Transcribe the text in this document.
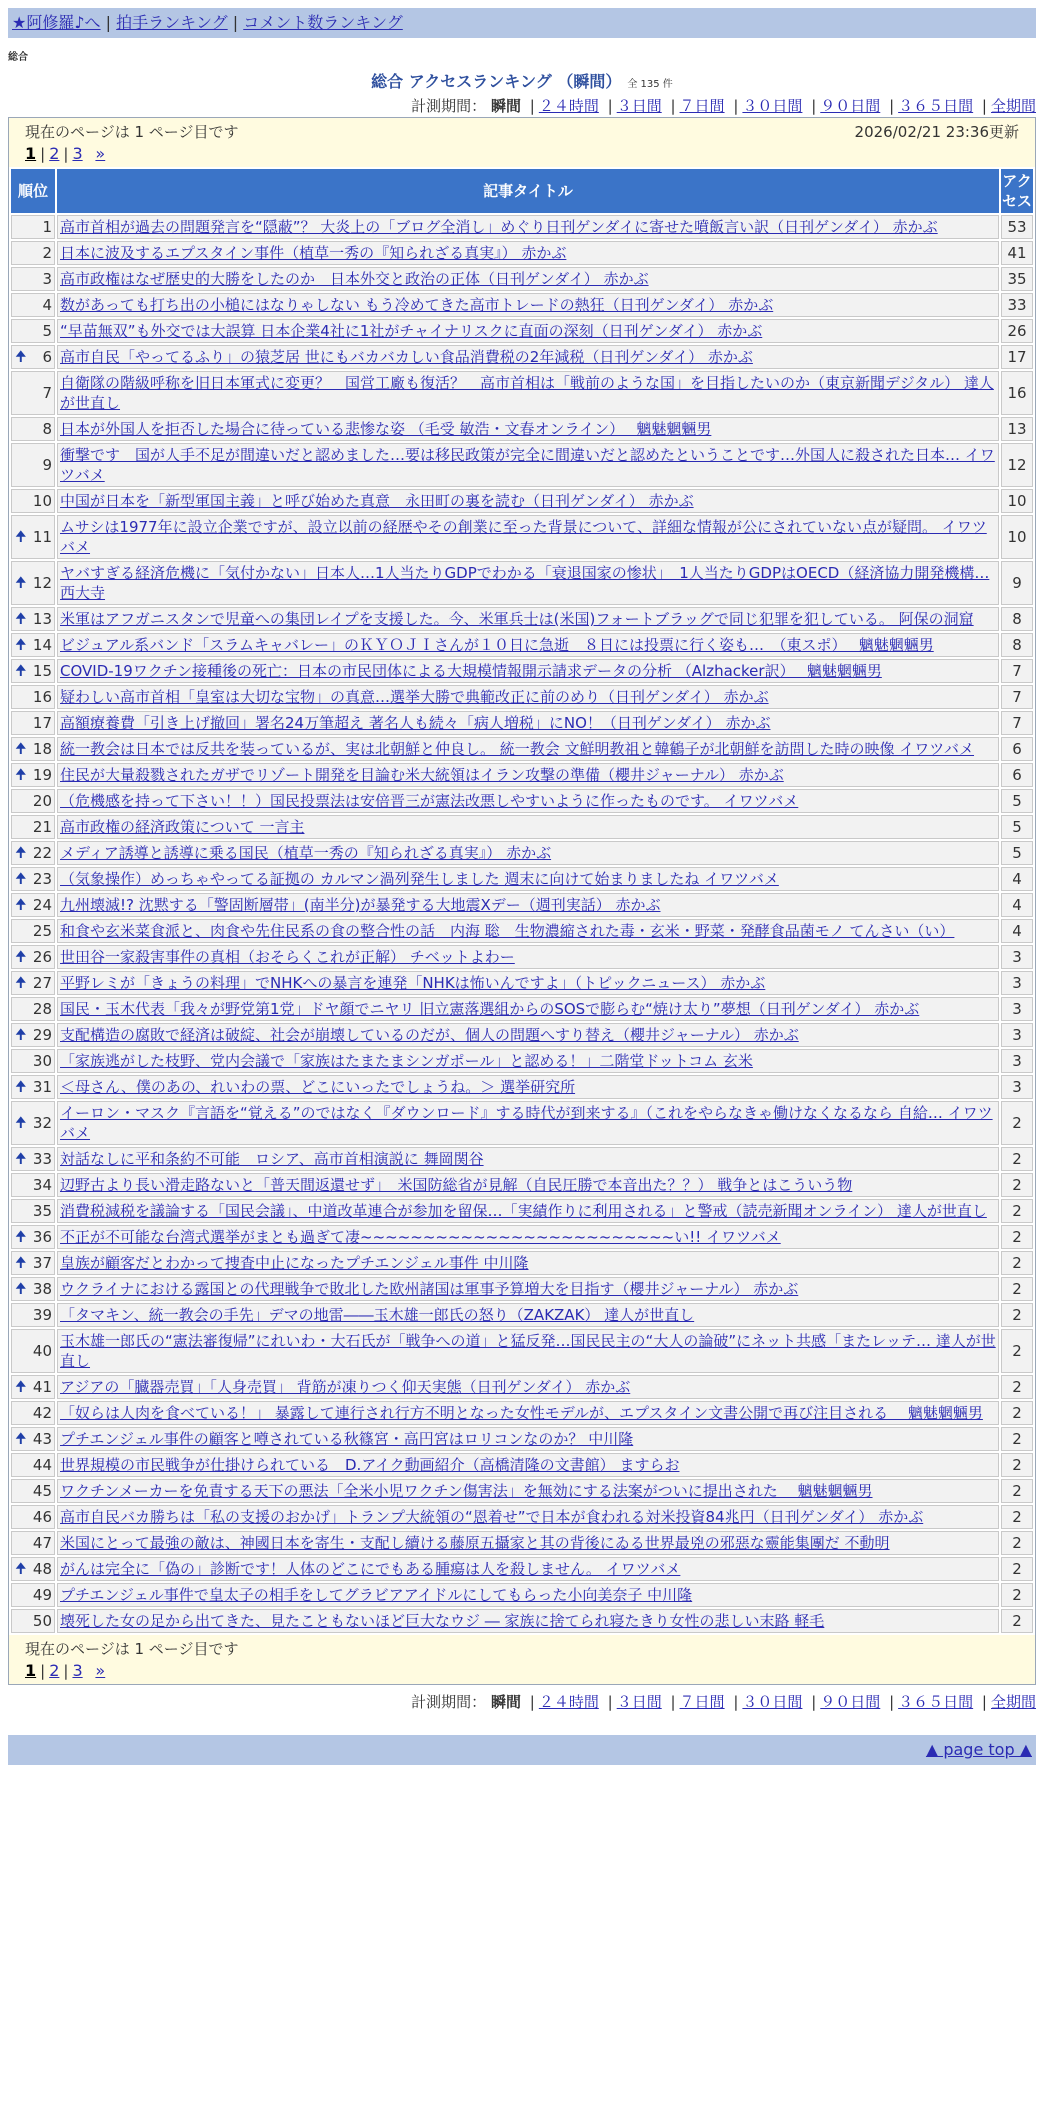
★阿修羅♪へ | 拍手ランキング | コメント数ランキング
総合
総合 アクセスランキング （瞬間） 全 135 件
計測期間： 瞬間 | ２４時間 | ３日間 | ７日間 | ３０日間 | ９０日間 | ３６５日間 | 全期間
現在のページは 1 ページ目です	2026/02/21 23:36更新
1 | 2 | 3 »
順位	記事タイトル	アクセス
1	高市首相が過去の問題発言を“隠蔽”？ 大炎上の「ブログ全消し」めぐり日刊ゲンダイに寄せた噴飯言い訳（日刊ゲンダイ） 赤かぶ	53
2	日本に波及するエプスタイン事件（植草一秀の『知られざる真実』） 赤かぶ	41
3	高市政権はなぜ歴史的大勝をしたのか　日本外交と政治の正体（日刊ゲンダイ） 赤かぶ	35
4	数があっても打ち出の小槌にはなりゃしない もう冷めてきた高市トレードの熱狂（日刊ゲンダイ） 赤かぶ	33
5	“早苗無双”も外交では大誤算 日本企業4社に1社がチャイナリスクに直面の深刻（日刊ゲンダイ） 赤かぶ	26

🠉 6	高市自民「やってるふり」の猿芝居 世にもバカバカしい食品消費税の2年減税（日刊ゲンダイ） 赤かぶ	17
7	自衛隊の階級呼称を旧日本軍式に変更？　国営工廠も復活？　高市首相は「戦前のような国」を目指したいのか（東京新聞デジタル） 達人が世直し	16
8	日本が外国人を拒否した場合に待っている悲惨な姿 （毛受 敏浩・文春オンライン）　 魑魅魍魎男	13
9	衝撃です　国が人手不足が間違いだと認めました…要は移民政策が完全に間違いだと認めたということです…外国人に殺された日本… イワツバメ	12
10	中国が日本を「新型軍国主義」と呼び始めた真意　永田町の裏を読む（日刊ゲンダイ） 赤かぶ	10

🠉 11	ムサシは1977年に設立企業ですが、設立以前の経歴やその創業に至った背景について、詳細な情報が公にされていない点が疑問。 イワツバメ	10

🠉 12	ヤバすぎる経済危機に「気付かない」日本人…1人当たりGDPでわかる「衰退国家の惨状」　1人当たりGDPはOECD（経済協力開発機構… 西大寺	9

🠉 13	米軍はアフガニスタンで児童への集団レイプを支援した。今、米軍兵士は(米国)フォートブラッグで同じ犯罪を犯している。 阿保の洞窟	8

🠉 14	ビジュアル系バンド「スラムキャバレー」のＫＹＯＪＩさんが１０日に急逝　８日には投票に行く姿も…　（東スポ）　 魑魅魍魎男	8

🠉 15	COVID-19ワクチン接種後の死亡：日本の市民団体による大規模情報開示請求データの分析 （Alzhacker訳）　 魑魅魍魎男	7
16	疑わしい高市首相「皇室は大切な宝物」の真意…選挙大勝で典範改正に前のめり（日刊ゲンダイ） 赤かぶ	7
17	高額療養費「引き上げ撤回」署名24万筆超え 著名人も続々「病人増税」にNO！（日刊ゲンダイ） 赤かぶ	7

🠉 18	統一教会は日本では反共を装っているが、実は北朝鮮と仲良し。 統一教会 文鮮明教祖と韓鶴子が北朝鮮を訪問した時の映像 イワツバメ	6

🠉 19	住民が大量殺戮されたガザでリゾート開発を目論む米大統領はイラン攻撃の準備（櫻井ジャーナル） 赤かぶ	6
20	（危機感を持って下さい！！）国民投票法は安倍晋三が憲法改悪しやすいように作ったものです。 イワツバメ	5
21	高市政権の経済政策について 一言主	5

🠉 22	メディア誘導と誘導に乗る国民（植草一秀の『知られざる真実』） 赤かぶ	5

🠉 23	（気象操作）めっちゃやってる証拠の カルマン渦列発生しました 週末に向けて始まりましたね イワツバメ	4

🠉 24	九州壊滅!? 沈黙する「警固断層帯」(南半分)が暴発する大地震Xデー（週刊実話） 赤かぶ	4
25	和食や玄米菜食派と、肉食や先住民系の食の整合性の話　内海 聡　生物濃縮された毒・玄米・野菜・発酵食品菌モノ てんさい（い）	4

🠉 26	世田谷一家殺害事件の真相（おそらくこれが正解） チベットよわー	3

🠉 27	平野レミが「きょうの料理」でNHKへの暴言を連発「NHKは怖いんですよ」（トピックニュース） 赤かぶ	3
28	国民・玉木代表「我々が野党第1党」ドヤ顔でニヤリ 旧立憲落選組からのSOSで膨らむ“焼け太り”夢想（日刊ゲンダイ） 赤かぶ	3

🠉 29	支配構造の腐敗で経済は破綻、社会が崩壊しているのだが、個人の問題へすり替え（櫻井ジャーナル） 赤かぶ	3
30	「家族逃がした枝野、党内会議で「家族はたまたまシンガポール」と認める！」二階堂ドットコム 玄米	3

🠉 31	＜母さん、僕のあの、れいわの票、どこにいったでしょうね。＞ 選挙研究所	3

🠉 32	イーロン・マスク『言語を“覚える”のではなく『ダウンロード』する時代が到来する』（これをやらなきゃ働けなくなるなら 自給… イワツバメ	2

🠉 33	対話なしに平和条約不可能　ロシア、高市首相演説に 舞岡関谷	2
34	辺野古より長い滑走路ないと「普天間返還せず」　米国防総省が見解（自民圧勝で本音出た？？） 戦争とはこういう物	2
35	消費税減税を議論する「国民会議」、中道改革連合が参加を留保…「実績作りに利用される」と警戒（読売新聞オンライン） 達人が世直し	2

🠉 36	不正が不可能な台湾式選挙がまとも過ぎて凄~~~~~~~~~~~~~~~~~~~~~~~~~い!! イワツバメ	2

🠉 37	皇族が顧客だとわかって捜査中止になったプチエンジェル事件 中川隆	2

🠉 38	ウクライナにおける露国との代理戦争で敗北した欧州諸国は軍事予算増大を目指す（櫻井ジャーナル） 赤かぶ	2
39	「タマキン、統一教会の手先」デマの地雷――玉木雄一郎氏の怒り（ZAKZAK） 達人が世直し	2
40	玉木雄一郎氏の“憲法審復帰”にれいわ・大石氏が「戦争への道」と猛反発…国民民主の“大人の論破”にネット共感「またレッテ… 達人が世直し	2

🠉 41	アジアの「臓器売買」「人身売買」 背筋が凍りつく仰天実態（日刊ゲンダイ） 赤かぶ	2
42	「奴らは人肉を食べている！」 暴露して連行され行方不明となった女性モデルが、エプスタイン文書公開で再び注目される　 魑魅魍魎男	2

🠉 43	プチエンジェル事件の顧客と噂されている秋篠宮・高円宮はロリコンなのか？ 中川隆	2
44	世界規模の市民戦争が仕掛けられている　D.アイク動画紹介（高橋清隆の文書館） ますらお	2
45	ワクチンメーカーを免責する天下の悪法「全米小児ワクチン傷害法」を無効にする法案がついに提出された　 魑魅魍魎男	2
46	高市自民バカ勝ちは「私の支援のおかげ」トランプ大統領の“恩着せ”で日本が食われる対米投資84兆円（日刊ゲンダイ） 赤かぶ	2
47	米国にとって最強の敵は、神國日本を寄生・支配し續ける藤原五攝家と其の背後にゐる世界最兇の邪惡な靈能集團だ 不動明	2

🠉 48	がんは完全に「偽の」診断です！人体のどこにでもある腫瘍は人を殺しません。 イワツバメ	2
49	プチエンジェル事件で皇太子の相手をしてグラビアアイドルにしてもらった小向美奈子 中川隆	2
50	壊死した女の足から出てきた、見たこともないほど巨大なウジ ― 家族に捨てられ寝たきり女性の悲しい末路 軽毛	2
現在のページは 1 ページ目です
1 | 2 | 3 »
計測期間： 瞬間 | ２４時間 | ３日間 | ７日間 | ３０日間 | ９０日間 | ３６５日間 | 全期間
▲ page top ▲
